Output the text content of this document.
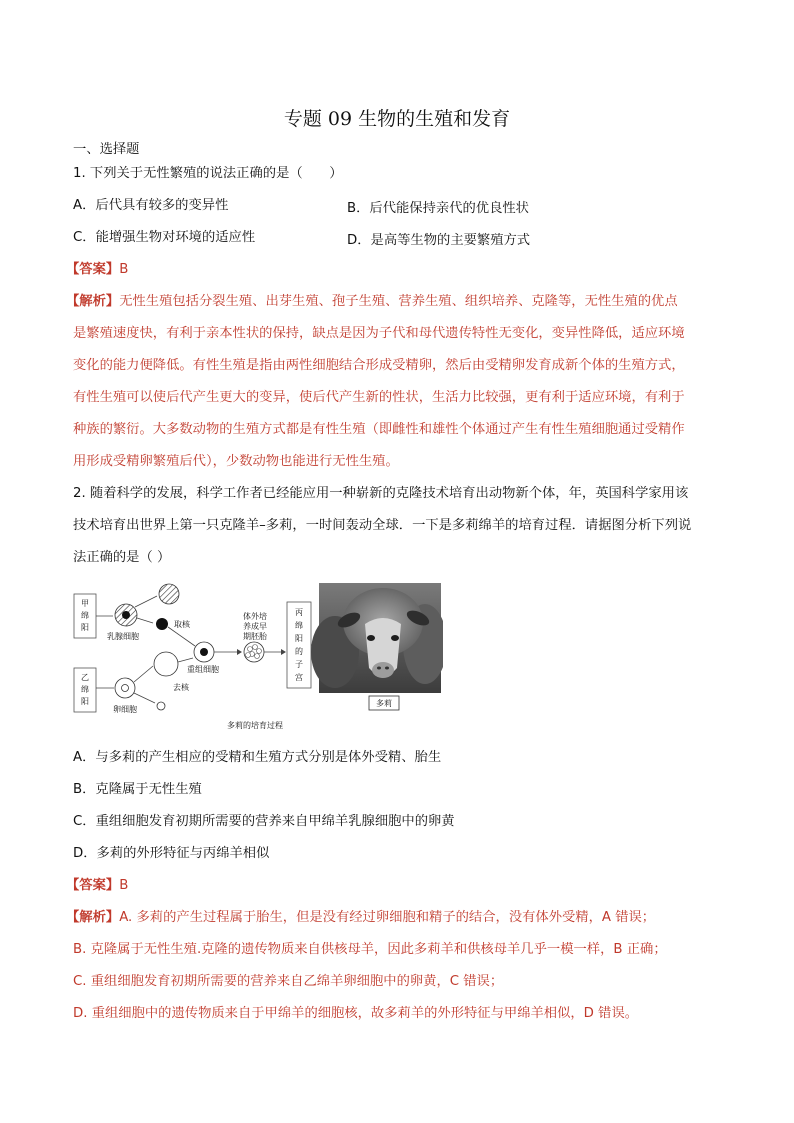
专题 09 生物的生殖和发育
一、选择题
1. 下列关于无性繁殖的说法正确的是（　　）
A．后代具有较多的变异性	B．后代能保持亲代的优良性状
C．能增强生物对环境的适应性	D．是高等生物的主要繁殖方式
【答案】B
【解析】无性生殖包括分裂生殖、出芽生殖、孢子生殖、营养生殖、组织培养、克隆等，无性生殖的优点
是繁殖速度快，有利于亲本性状的保持，缺点是因为子代和母代遗传特性无变化，变异性降低，适应环境
变化的能力便降低。有性生殖是指由两性细胞结合形成受精卵，然后由受精卵发育成新个体的生殖方式，
有性生殖可以使后代产生更大的变异，使后代产生新的性状，生活力比较强，更有利于适应环境，有利于
种族的繁衍。大多数动物的生殖方式都是有性生殖（即雌性和雄性个体通过产生有性生殖细胞通过受精作
用形成受精卵繁殖后代），少数动物也能进行无性生殖。
2. 随着科学的发展，科学工作者已经能应用一种崭新的克隆技术培育出动物新个体，年，英国科学家用该
技术培育出世界上第一只克隆羊–多莉，一时间轰动全球．一下是多莉绵羊的培育过程．请据图分析下列说
法正确的是（ ）
甲
绵
阳
乙
绵
阳
乳腺细胞
取核
卵细胞
去核
重组细胞
体外培
养成早
期胚胎
丙
绵
阳
的
子
宫
多莉
多莉的培育过程
A．与多莉的产生相应的受精和生殖方式分别是体外受精、胎生
B．克隆属于无性生殖
C．重组细胞发育初期所需要的营养来自甲绵羊乳腺细胞中的卵黄
D．多莉的外形特征与丙绵羊相似
【答案】B
【解析】A. 多莉的产生过程属于胎生，但是没有经过卵细胞和精子的结合，没有体外受精，A 错误；
B. 克隆属于无性生殖.克隆的遗传物质来自供核母羊，因此多莉羊和供核母羊几乎一模一样，B 正确；
C. 重组细胞发育初期所需要的营养来自乙绵羊卵细胞中的卵黄，C 错误；
D. 重组细胞中的遗传物质来自于甲绵羊的细胞核，故多莉羊的外形特征与甲绵羊相似，D 错误。
